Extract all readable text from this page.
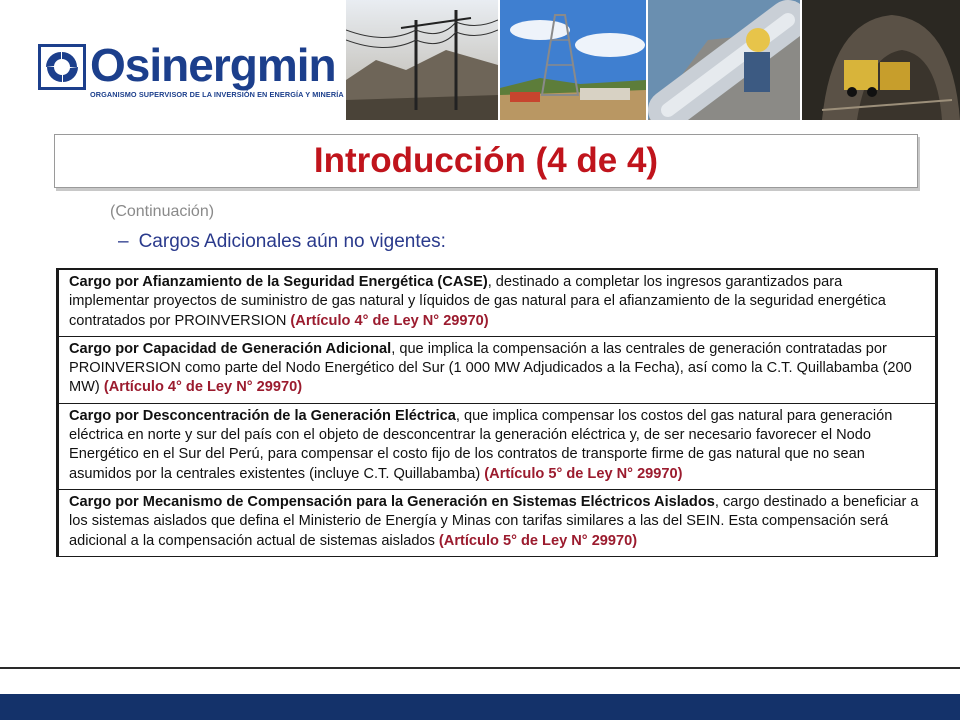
Osinergmin
ORGANISMO SUPERVISOR DE LA INVERSIÓN EN ENERGÍA Y MINERÍA
Introducción (4 de 4)
(Continuación)
– Cargos Adicionales aún no vigentes:
Cargo por Afianzamiento de la Seguridad Energética (CASE), destinado a completar los ingresos garantizados para implementar proyectos de suministro de gas natural y líquidos de gas natural para el afianzamiento de la seguridad energética contratados por PROINVERSION (Artículo 4° de Ley N° 29970)
Cargo por Capacidad de Generación Adicional, que implica la compensación a las centrales de generación contratadas por PROINVERSION como parte del Nodo Energético del Sur (1 000 MW Adjudicados a la Fecha), así como la C.T. Quillabamba (200 MW) (Artículo 4° de Ley N° 29970)
Cargo por Desconcentración de la Generación Eléctrica, que implica compensar los costos del gas natural para generación eléctrica en norte y sur del país con el objeto de desconcentrar la generación eléctrica y, de ser necesario favorecer el Nodo Energético en el Sur del Perú, para compensar el costo fijo de los contratos de transporte firme de gas natural que no sean asumidos por la centrales existentes (incluye C.T. Quillabamba) (Artículo 5° de Ley N° 29970)
Cargo por Mecanismo de Compensación para la Generación en Sistemas Eléctricos Aislados, cargo destinado a beneficiar a los sistemas aislados que defina el Ministerio de Energía y Minas con tarifas similares a las del SEIN. Esta compensación será adicional a la compensación actual de sistemas aislados (Artículo 5° de Ley N° 29970)
